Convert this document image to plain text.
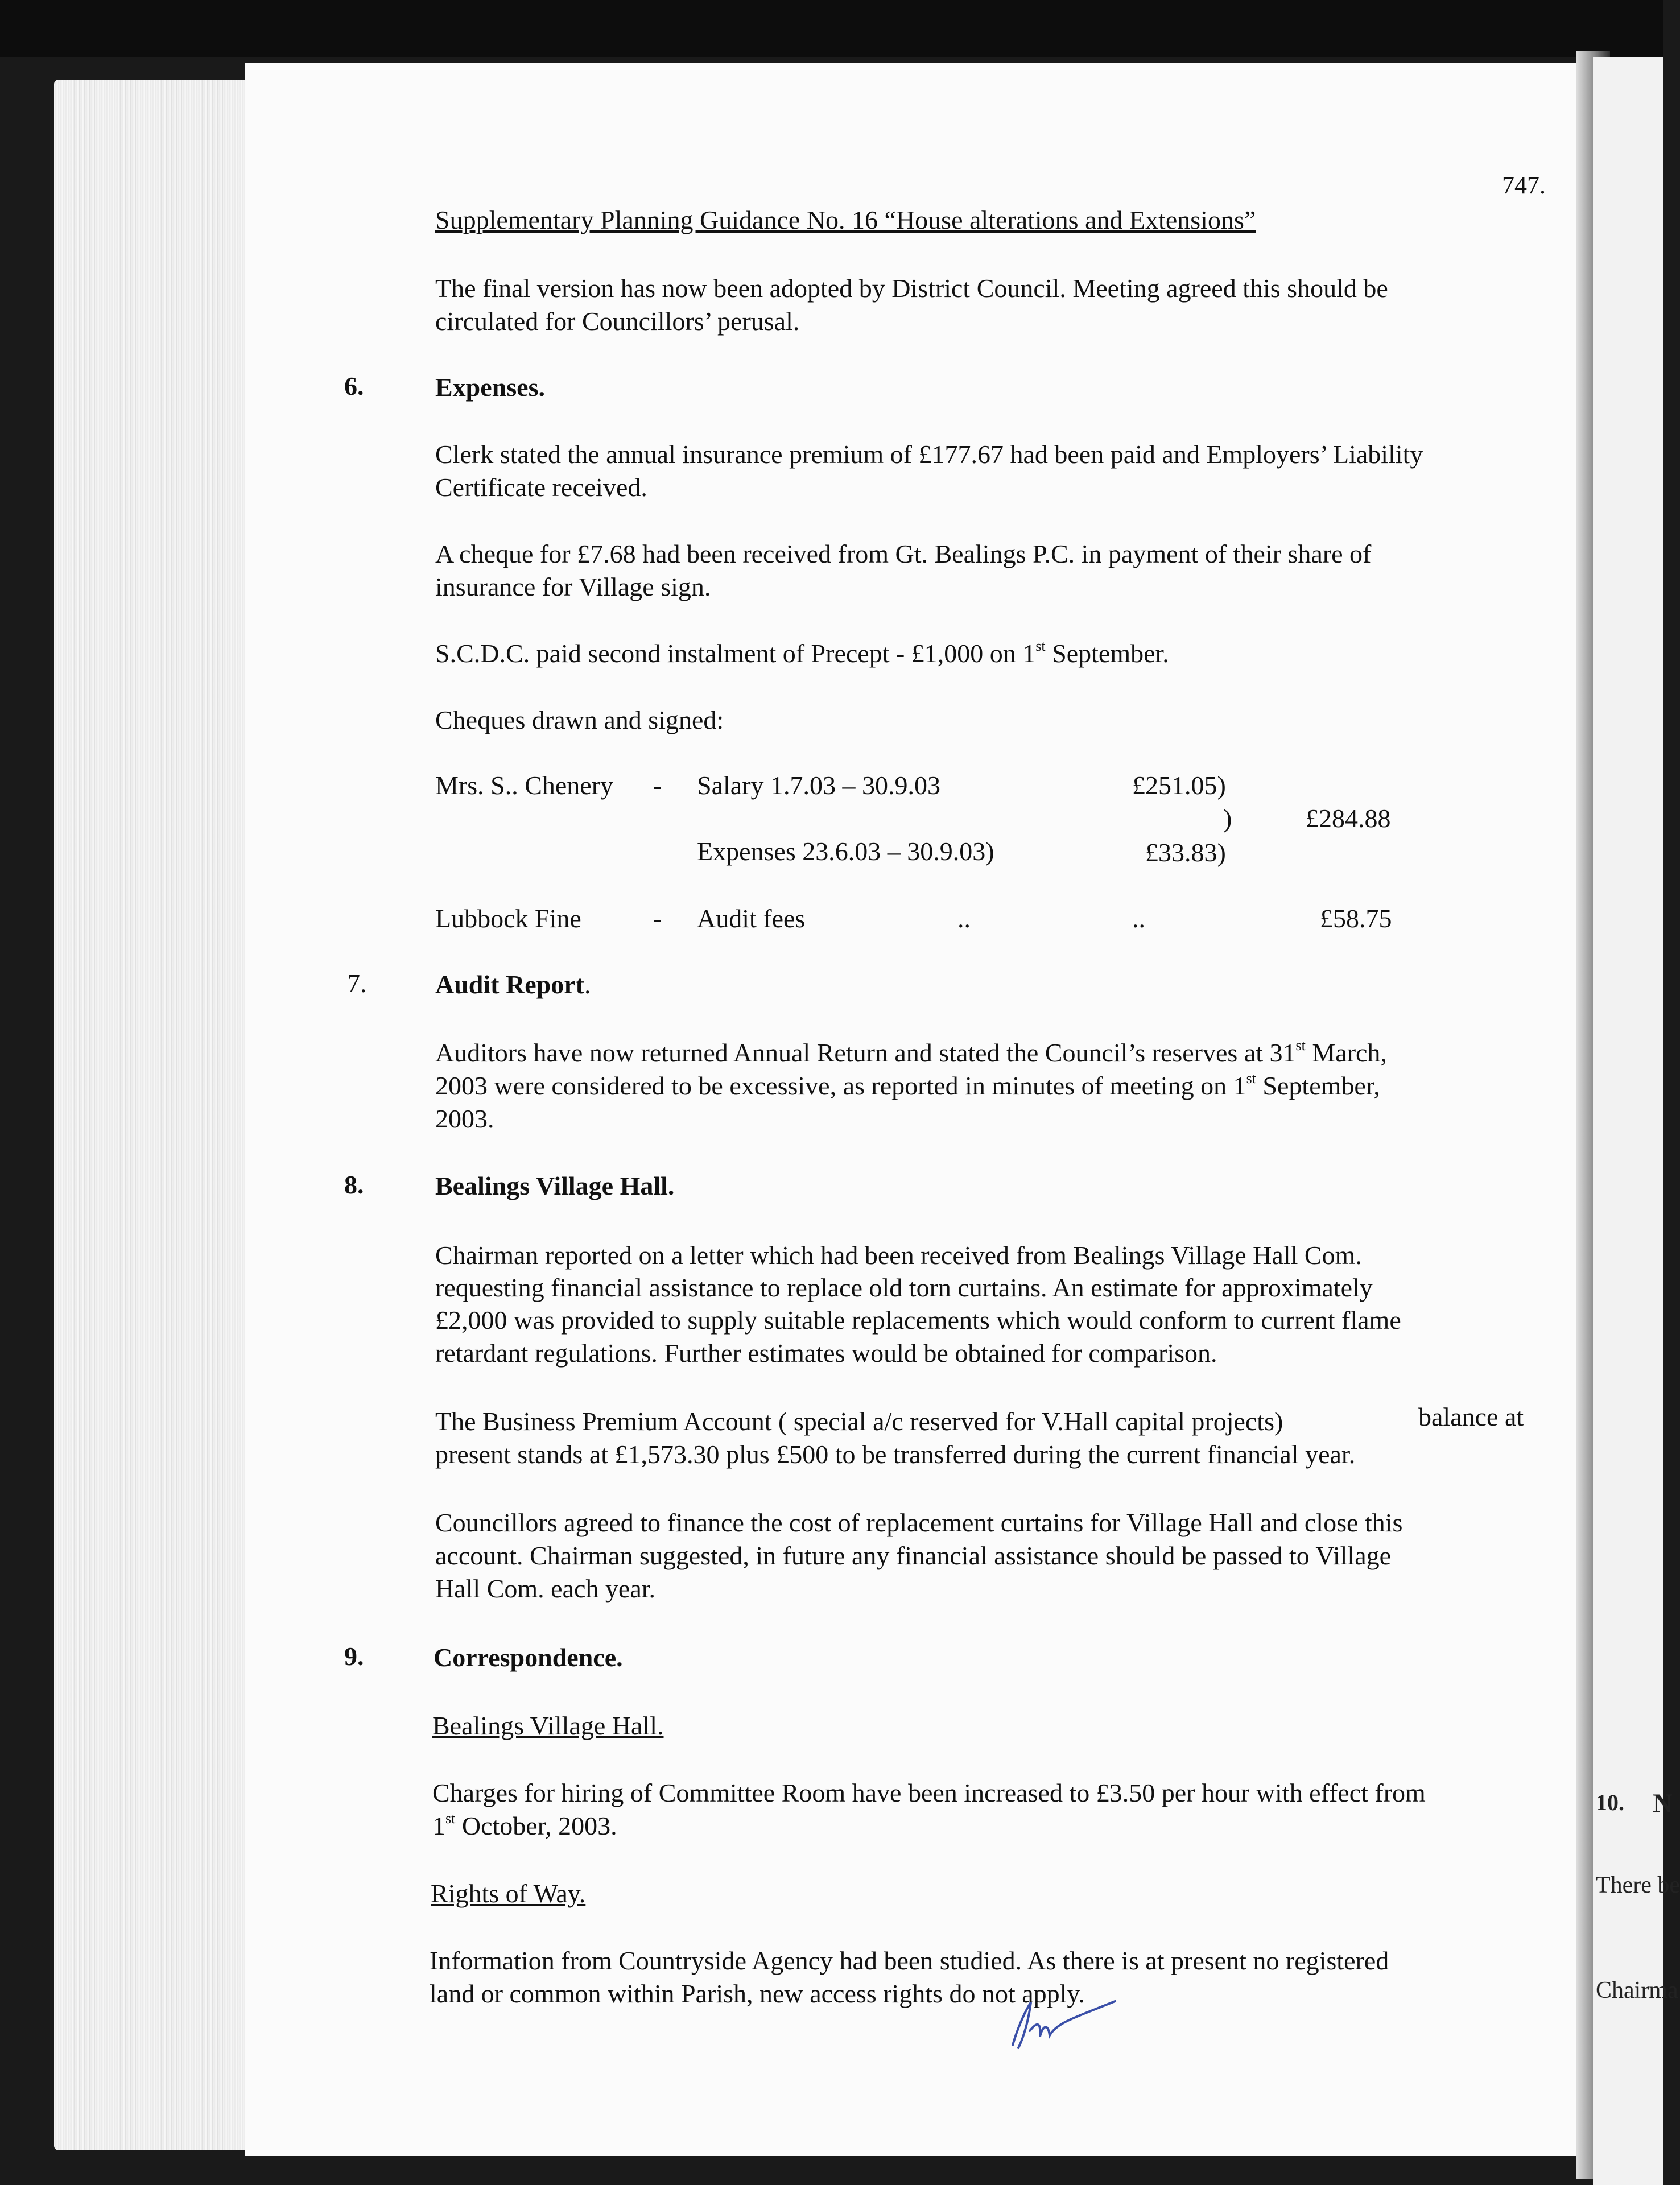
747.
Supplementary Planning Guidance No. 16 “House alterations and Extensions”
The final version has now been adopted by District Council. Meeting agreed this should be
circulated for Councillors’ perusal.
6.	Expenses.
Clerk stated the annual insurance premium of £177.67 had been paid and Employers’ Liability
Certificate received.
A cheque for £7.68 had been received from Gt. Bealings P.C. in payment of their share of
insurance for Village sign.
S.C.D.C. paid second instalment of Precept - £1,000 on 1st September.
Cheques drawn and signed:
Mrs. S.. Chenery - Salary 1.7.03 – 30.9.03	£251.05)
)	£284.88
Expenses 23.6.03 – 30.9.03)	£33.83)
Lubbock Fine	- Audit fees	..	..	£58.75
7.	Audit Report.
Auditors have now returned Annual Return and stated the Council’s reserves at 31st March,
2003 were considered to be excessive, as reported in minutes of meeting on 1st September,
2003.
8.	Bealings Village Hall.
Chairman reported on a letter which had been received from Bealings Village Hall Com.
requesting financial assistance to replace old torn curtains. An estimate for approximately
£2,000 was provided to supply suitable replacements which would conform to current flame
retardant regulations. Further estimates would be obtained for comparison.
The Business Premium Account ( special a/c reserved for V.Hall capital projects)	balance at
present stands at £1,573.30 plus £500 to be transferred during the current financial year.
Councillors agreed to finance the cost of replacement curtains for Village Hall and close this
account. Chairman suggested, in future any financial assistance should be passed to Village
Hall Com. each year.
9.	Correspondence.
Bealings Village Hall.
Charges for hiring of Committee Room have been increased to £3.50 per hour with effect from
1st October, 2003.
Rights of Way.
Information from Countryside Agency had been studied. As there is at present no registered
land or common within Parish, new access rights do not apply.
10. N
There be
Chairma
